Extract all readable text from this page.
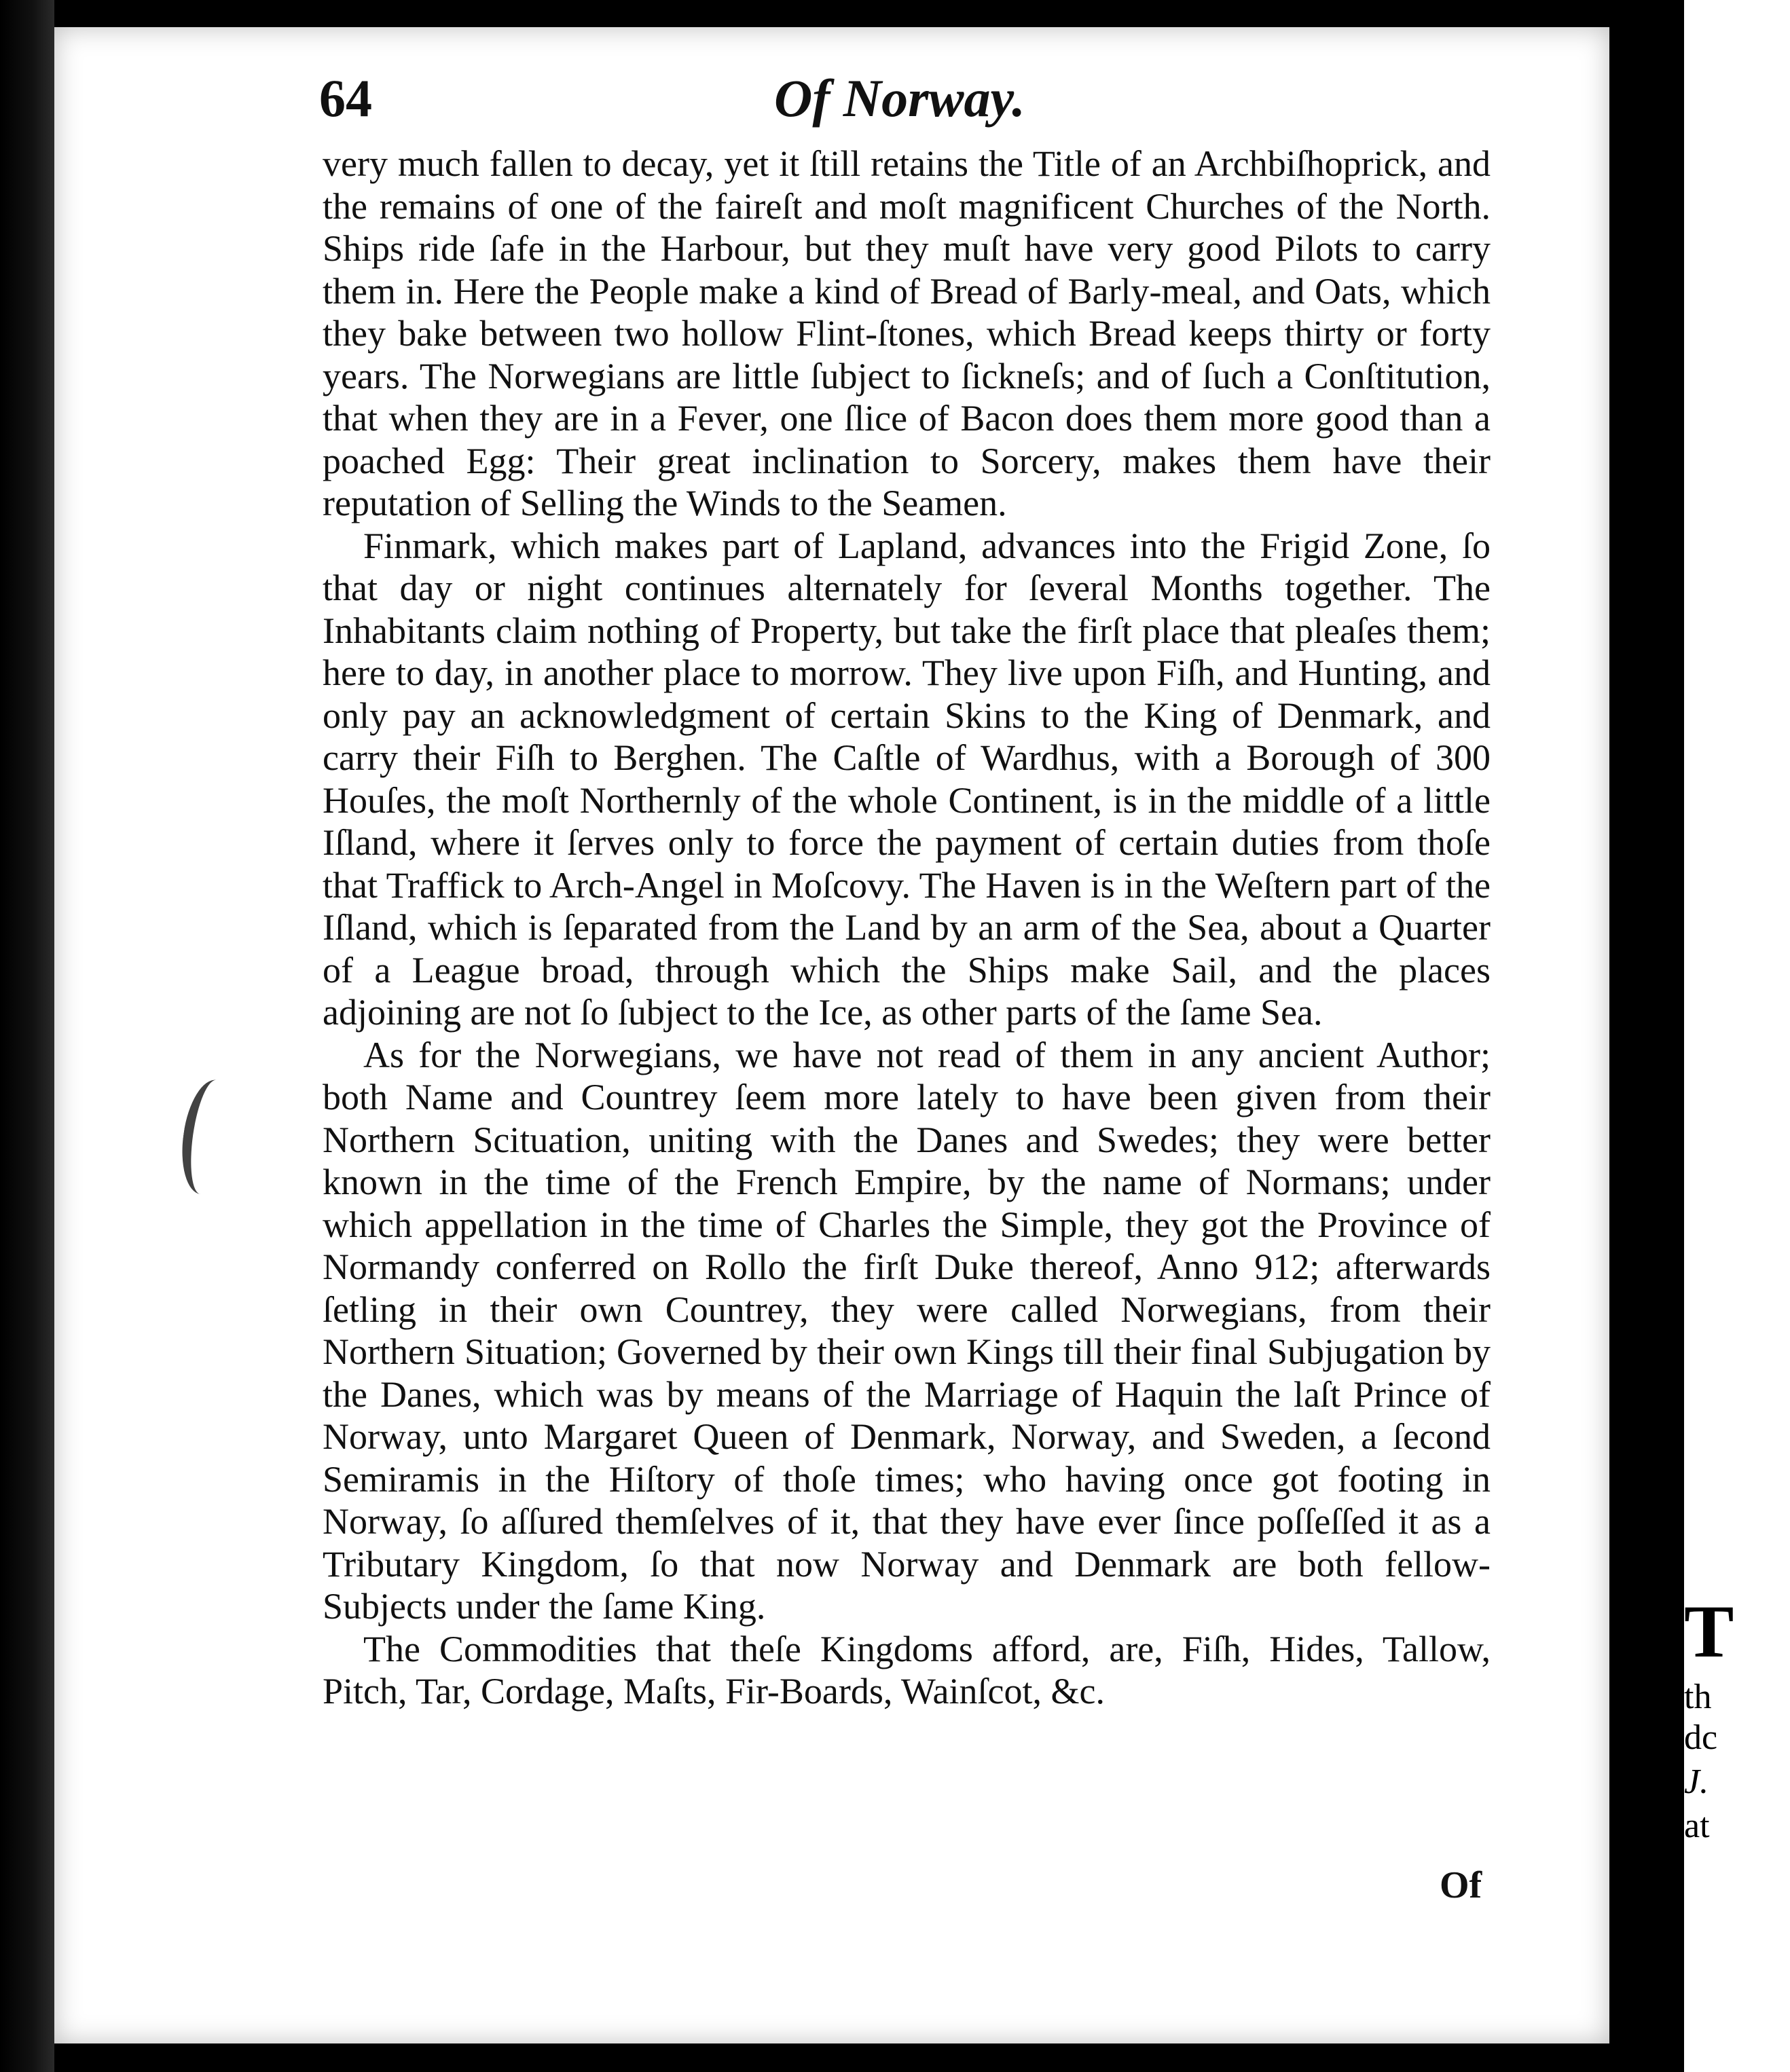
T
th
dc
J.
at
64	Of Norway.

very much fallen to decay, yet it ſtill retains the Title of an Archbiſhoprick, and the remains of one of the faireſt and moſt magnificent Churches of the North. Ships ride ſafe in the Harbour, but they muſt have very good Pilots to carry them in. Here the People make a kind of Bread of Barly-meal, and Oats, which they bake between two hollow Flint-ſtones, which Bread keeps thirty or forty years. The Norwegians are little ſubject to ſickneſs; and of ſuch a Conſtitution, that when they are in a Fever, one ſlice of Bacon does them more good than a poached Egg: Their great inclination to Sorcery, makes them have their reputation of Selling the Winds to the Seamen.

Finmark, which makes part of Lapland, advances into the Frigid Zone, ſo that day or night continues alternately for ſeveral Months together. The Inhabitants claim nothing of Property, but take the firſt place that pleaſes them; here to day, in another place to morrow. They live upon Fiſh, and Hunting, and only pay an acknowledgment of certain Skins to the King of Denmark, and carry their Fiſh to Berghen. The Caſtle of Wardhus, with a Borough of 300 Houſes, the moſt Northernly of the whole Continent, is in the middle of a little Iſland, where it ſerves only to force the payment of certain duties from thoſe that Traffick to Arch-Angel in Moſcovy. The Haven is in the Weſtern part of the Iſland, which is ſeparated from the Land by an arm of the Sea, about a Quarter of a League broad, through which the Ships make Sail, and the places adjoining are not ſo ſubject to the Ice, as other parts of the ſame Sea.

As for the Norwegians, we have not read of them in any ancient Author; both Name and Countrey ſeem more lately to have been given from their Northern Scituation, uniting with the Danes and Swedes; they were better known in the time of the French Empire, by the name of Normans; under which appellation in the time of Charles the Simple, they got the Province of Normandy conferred on Rollo the firſt Duke thereof, Anno 912; afterwards ſetling in their own Countrey, they were called Norwegians, from their Northern Situation; Governed by their own Kings till their final Subjugation by the Danes, which was by means of the Marriage of Haquin the laſt Prince of Norway, unto Margaret Queen of Denmark, Norway, and Sweden, a ſecond Semiramis in the Hiſtory of thoſe times; who having once got footing in Norway, ſo aſſured themſelves of it, that they have ever ſince poſſeſſed it as a Tributary Kingdom, ſo that now Norway and Denmark are both fellow-Subjects under the ſame King.

The Commodities that theſe Kingdoms afford, are, Fiſh, Hides, Tallow, Pitch, Tar, Cordage, Maſts, Fir-Boards, Wainſcot, &c.

Of
